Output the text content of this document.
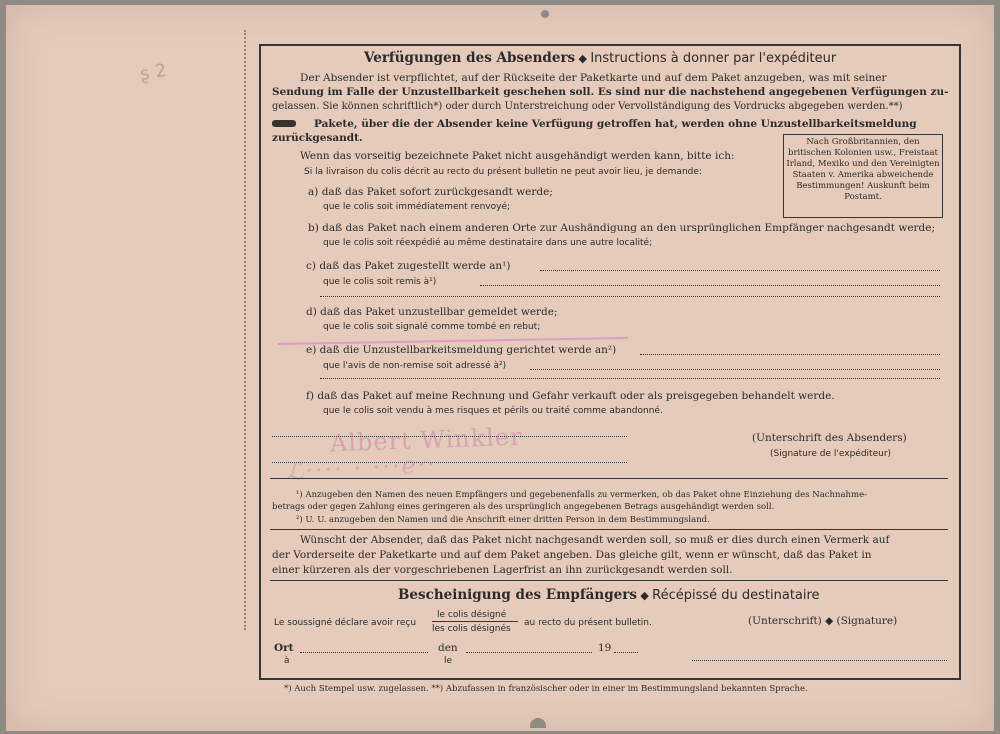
ʂ 2
Verfügungen des Absenders ◆ Instructions à donner par l'expéditeur
Der Absender ist verpflichtet, auf der Rückseite der Paketkarte und auf dem Paket anzugeben, was mit seiner
Sendung im Falle der Unzustellbarkeit geschehen soll. Es sind nur die nachstehend angegebenen Verfügungen zu-
gelassen. Sie können schriftlich*) oder durch Unterstreichung oder Vervollständigung des Vordrucks abgegeben werden.**)
Pakete, über die der Absender keine Verfügung getroffen hat, werden ohne Unzustellbarkeitsmeldung
zurückgesandt.
Wenn das vorseitig bezeichnete Paket nicht ausgehändigt werden kann, bitte ich:
Si la livraison du colis décrit au recto du présent bulletin ne peut avoir lieu, je demande:
Nach Großbritannien, den britischen Kolonien usw., Freistaat Irland, Mexiko und den Vereinigten Staaten v. Amerika abweichende Bestimmungen! Auskunft beim Postamt.
a) daß das Paket sofort zurückgesandt werde;
que le colis soit immédiatement renvoyé;
b) daß das Paket nach einem anderen Orte zur Aushändigung an den ursprünglichen Empfänger nachgesandt werde;
que le colis soit réexpédié au même destinataire dans une autre localité;
c) daß das Paket zugestellt werde an¹)
que le colis soit remis à¹)
· · ·
d) daß das Paket unzustellbar gemeldet werde;
que le colis soit signalé comme tombé en rebut;
e) daß die Unzustellbarkeitsmeldung gerichtet werde an²)
que l'avis de non-remise soit adressé à²)
f) daß das Paket auf meine Rechnung und Gefahr verkauft oder als preisgegeben behandelt werde.
que le colis soit vendu à mes risques et périls ou traité comme abandonné.
Albert Winkler
ℒ···· · ···e··
(Unterschrift des Absenders)
(Signature de l'expéditeur)
¹) Anzugeben den Namen des neuen Empfängers und gegebenenfalls zu vermerken, ob das Paket ohne Einziehung des Nachnahme-
betrags oder gegen Zahlung eines geringeren als des ursprünglich angegebenen Betrags ausgehändigt werden soll.
²) U. U. anzugeben den Namen und die Anschrift einer dritten Person in dem Bestimmungsland.
Wünscht der Absender, daß das Paket nicht nachgesandt werden soll, so muß er dies durch einen Vermerk auf
der Vorderseite der Paketkarte und auf dem Paket angeben. Das gleiche gilt, wenn er wünscht, daß das Paket in
einer kürzeren als der vorgeschriebenen Lagerfrist an ihn zurückgesandt werden soll.
Bescheinigung des Empfängers ◆ Récépissé du destinataire
Le soussigné déclare avoir reçu
le colis désigné
les colis désignés
au recto du présent bulletin.	(Unterschrift) ◆ (Signature)
Ort
à
den
le
19
*) Auch Stempel usw. zugelassen. **) Abzufassen in französischer oder in einer im Bestimmungsland bekannten Sprache.
